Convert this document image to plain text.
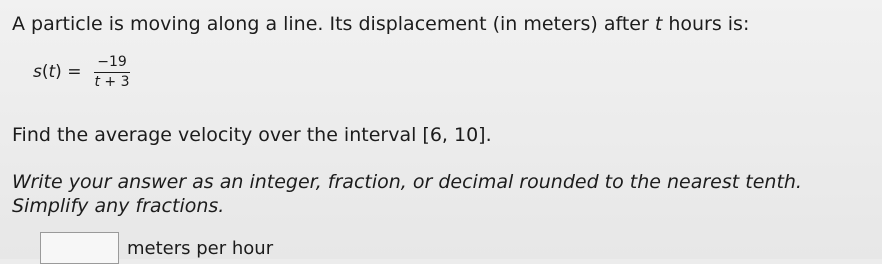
A particle is moving along a line. Its displacement (in meters) after t hours is:
$s(t) = \frac{-19}{t + 3}$
Find the average velocity over the interval [6, 10].
Write your answer as an integer, fraction, or decimal rounded to the nearest tenth. Simplify any fractions.
meters per hour
